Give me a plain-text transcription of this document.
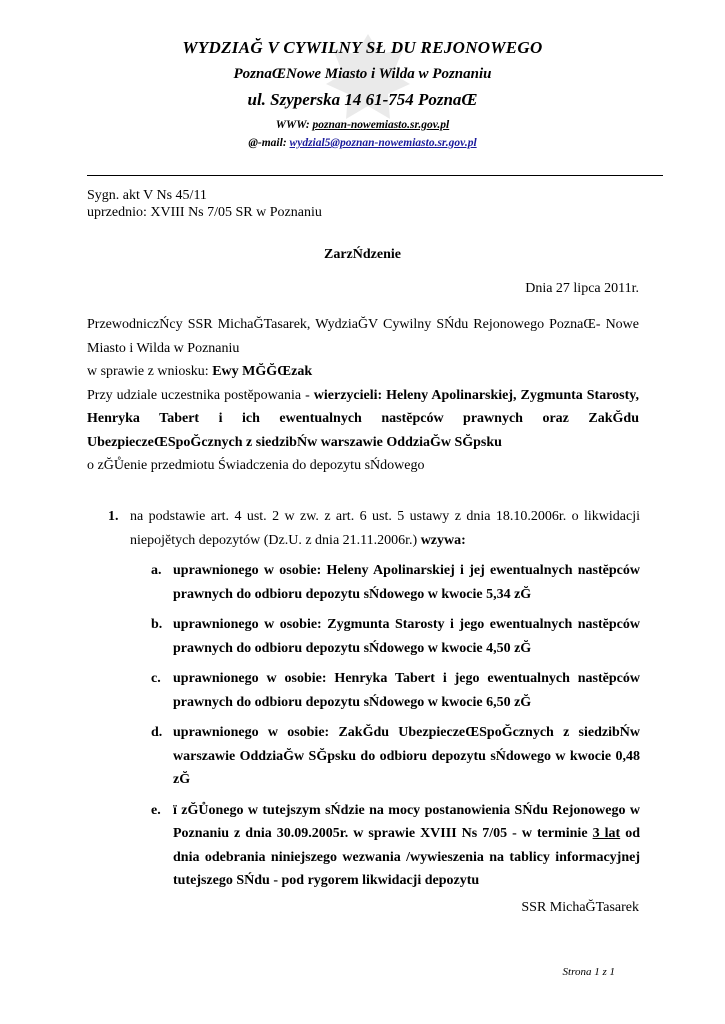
WYDZIAĞ V CYWILNY SŁ DU REJONOWEGO
PoznaŒNowe Miasto i Wilda w Poznaniu
ul. Szyperska 14 61-754 PoznaŒ
WWW: poznan-nowemiasto.sr.gov.pl
@-mail: wydzial5@poznan-nowemiasto.sr.gov.pl
Sygn. akt V Ns 45/11
uprzednio: XVIII Ns 7/05 SR w Poznaniu
ZarzŃdzenie
Dnia 27 lipca 2011r.

PrzewodniczŃcy SSR MichaĞTasarek, WydziaĞV Cywilny SŃdu Rejonowego PoznaŒ‐ Nowe Miasto i Wilda w Poznaniu

w sprawie z wniosku: Ewy MĞĞŒzak

Przy udziale uczestnika postĕpowania - wierzycieli: Heleny Apolinarskiej, Zygmunta Starosty, Henryka Tabert i ich ewentualnych nastĕpców prawnych oraz ZakĞdu UbezpieczeŒSpoĞcznych z siedzibŃw warszawie OddziaĞw SĞpsku

o zĞŮenie przedmiotu Świadczenia do depozytu sŃdowego

1. na podstawie art. 4 ust. 2 w zw. z art. 6 ust. 5 ustawy z dnia 18.10.2006r. o likwidacji niepojĕtych depozytów (Dz.U. z dnia 21.11.2006r.) wzywa:
a. uprawnionego w osobie: Heleny Apolinarskiej i jej ewentualnych nastĕpców prawnych do odbioru depozytu sŃdowego w kwocie 5,34 zĞ
b. uprawnionego w osobie: Zygmunta Starosty i jego ewentualnych nastĕpców prawnych do odbioru depozytu sŃdowego w kwocie 4,50 zĞ
c. uprawnionego w osobie: Henryka Tabert i jego ewentualnych nastĕpców prawnych do odbioru depozytu sŃdowego w kwocie 6,50 zĞ
d. uprawnionego w osobie: ZakĞdu UbezpieczeŒSpoĞcznych z siedzibŃw warszawie OddziaĞw SĞpsku do odbioru depozytu sŃdowego w kwocie 0,48 zĞ
e. ï zĞŮonego w tutejszym sŃdzie na mocy postanowienia SŃdu Rejonowego w Poznaniu z dnia 30.09.2005r. w sprawie XVIII Ns 7/05 - w terminie 3 lat od dnia odebrania niniejszego wezwania /wywieszenia na tablicy informacyjnej tutejszego SŃdu - pod rygorem likwidacji depozytu
SSR MichaĞTasarek
Strona 1 z 1
